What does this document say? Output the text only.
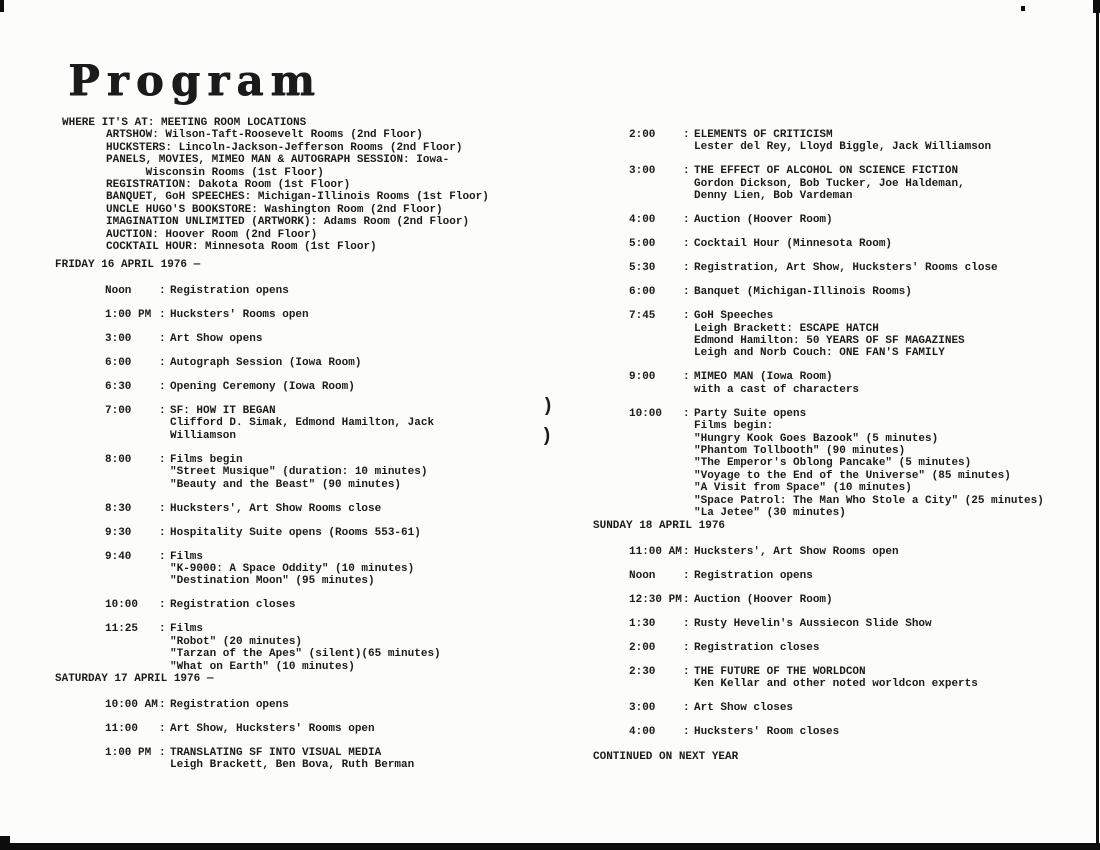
Program
WHERE IT'S AT: MEETING ROOM LOCATIONS
ARTSHOW: Wilson-Taft-Roosevelt Rooms (2nd Floor)
HUCKSTERS: Lincoln-Jackson-Jefferson Rooms (2nd Floor)
PANELS, MOVIES, MIMEO MAN & AUTOGRAPH SESSION: Iowa-
Wisconsin Rooms (1st Floor)
REGISTRATION: Dakota Room (1st Floor)
BANQUET, GoH SPEECHES: Michigan-Illinois Rooms (1st Floor)
UNCLE HUGO'S BOOKSTORE: Washington Room (2nd Floor)
IMAGINATION UNLIMITED (ARTWORK): Adams Room (2nd Floor)
AUCTION: Hoover Room (2nd Floor)
COCKTAIL HOUR: Minnesota Room (1st Floor)
CONTINUED ON NEXT YEAR
FRIDAY 16 APRIL 1976 —
Noon	: Registration opens
1:00 PM : Hucksters' Rooms open
3:00	: Art Show opens
6:00	: Autograph Session (Iowa Room)
6:30	: Opening Ceremony (Iowa Room)
7:00	: SF: HOW IT BEGAN
Clifford D. Simak, Edmond Hamilton, Jack
Williamson
8:00	: Films begin
"Street Musique" (duration: 10 minutes)
"Beauty and the Beast" (90 minutes)
8:30	: Hucksters', Art Show Rooms close
9:30	: Hospitality Suite opens (Rooms 553-61)
9:40	: Films
"K-9000: A Space Oddity" (10 minutes)
"Destination Moon" (95 minutes)
10:00	: Registration closes
11:25	: Films
"Robot" (20 minutes)
"Tarzan of the Apes" (silent)(65 minutes)
"What on Earth" (10 minutes)
SATURDAY 17 APRIL 1976 —
10:00 AM : Registration opens
11:00	: Art Show, Hucksters' Rooms open
1:00 PM : TRANSLATING SF INTO VISUAL MEDIA
Leigh Brackett, Ben Bova, Ruth Berman
2:00	: ELEMENTS OF CRITICISM
Lester del Rey, Lloyd Biggle, Jack Williamson
3:00	: THE EFFECT OF ALCOHOL ON SCIENCE FICTION
Gordon Dickson, Bob Tucker, Joe Haldeman,
Denny Lien, Bob Vardeman
4:00	: Auction (Hoover Room)
5:00	: Cocktail Hour (Minnesota Room)
5:30	: Registration, Art Show, Hucksters' Rooms close
6:00	: Banquet (Michigan-Illinois Rooms)
7:45	: GoH Speeches
Leigh Brackett: ESCAPE HATCH
Edmond Hamilton: 50 YEARS OF SF MAGAZINES
Leigh and Norb Couch: ONE FAN'S FAMILY
9:00	: MIMEO MAN (Iowa Room)
with a cast of characters
10:00	: Party Suite opens
Films begin:
"Hungry Kook Goes Bazook" (5 minutes)
"Phantom Tollbooth" (90 minutes)
"The Emperor's Oblong Pancake" (5 minutes)
"Voyage to the End of the Universe" (85 minutes)
"A Visit from Space" (10 minutes)
"Space Patrol: The Man Who Stole a City" (25 minutes)
"La Jetee" (30 minutes)
SUNDAY 18 APRIL 1976
11:00 AM : Hucksters', Art Show Rooms open
Noon	: Registration opens
12:30 PM : Auction (Hoover Room)
1:30	: Rusty Hevelin's Aussiecon Slide Show
2:00	: Registration closes
2:30	: THE FUTURE OF THE WORLDCON
Ken Kellar and other noted worldcon experts
3:00	: Art Show closes
4:00	: Hucksters' Room closes
)
)
